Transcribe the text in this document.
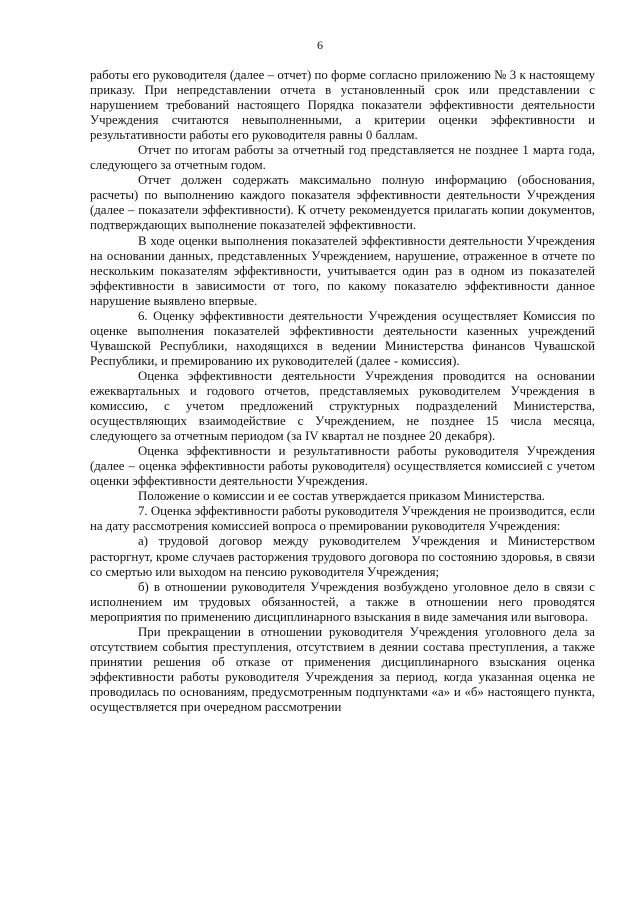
6

работы его руководителя (далее – отчет) по форме согласно приложению № 3 к настоящему приказу. При непредставлении отчета в установленный срок или представлении с нарушением требований настоящего Порядка показатели эффективности деятельности Учреждения считаются невыполненными, а критерии оценки эффективности и результативности работы его руководителя равны 0 баллам.

Отчет по итогам работы за отчетный год представляется не позднее 1 марта года, следующего за отчетным годом.

Отчет должен содержать максимально полную информацию (обоснования, расчеты) по выполнению каждого показателя эффективности деятельности Учреждения (далее – показатели эффективности). К отчету рекомендуется прилагать копии документов, подтверждающих выполнение показателей эффективности.

В ходе оценки выполнения показателей эффективности деятельности Учреждения на основании данных, представленных Учреждением, нарушение, отраженное в отчете по нескольким показателям эффективности, учитывается один раз в одном из показателей эффективности в зависимости от того, по какому показателю эффективности данное нарушение выявлено впервые.

6. Оценку эффективности деятельности Учреждения осуществляет Комиссия по оценке выполнения показателей эффективности деятельности казенных учреждений Чувашской Республики, находящихся в ведении Министерства финансов Чувашской Республики, и премированию их руководителей (далее - комиссия).

Оценка эффективности деятельности Учреждения проводится на основании ежеквартальных и годового отчетов, представляемых руководителем Учреждения в комиссию, с учетом предложений структурных подразделений Министерства, осуществляющих взаимодействие с Учреждением, не позднее 15 числа месяца, следующего за отчетным периодом (за IV квартал не позднее 20 декабря).

Оценка эффективности и результативности работы руководителя Учреждения (далее – оценка эффективности работы руководителя) осуществляется комиссией с учетом оценки эффективности деятельности Учреждения.

Положение о комиссии и ее состав утверждается приказом Министерства.

7. Оценка эффективности работы руководителя Учреждения не производится, если на дату рассмотрения комиссией вопроса о премировании руководителя Учреждения:

а) трудовой договор между руководителем Учреждения и Министерством расторгнут, кроме случаев расторжения трудового договора по состоянию здоровья, в связи со смертью или выходом на пенсию руководителя Учреждения;

б) в отношении руководителя Учреждения возбуждено уголовное дело в связи с исполнением им трудовых обязанностей, а также в отношении него проводятся мероприятия по применению дисциплинарного взыскания в виде замечания или выговора.

При прекращении в отношении руководителя Учреждения уголовного дела за отсутствием события преступления, отсутствием в деянии состава преступления, а также принятии решения об отказе от применения дисциплинарного взыскания оценка эффективности работы руководителя Учреждения за период, когда указанная оценка не проводилась по основаниям, предусмотренным подпунктами «а» и «б» настоящего пункта, осуществляется при очередном рассмотрении
